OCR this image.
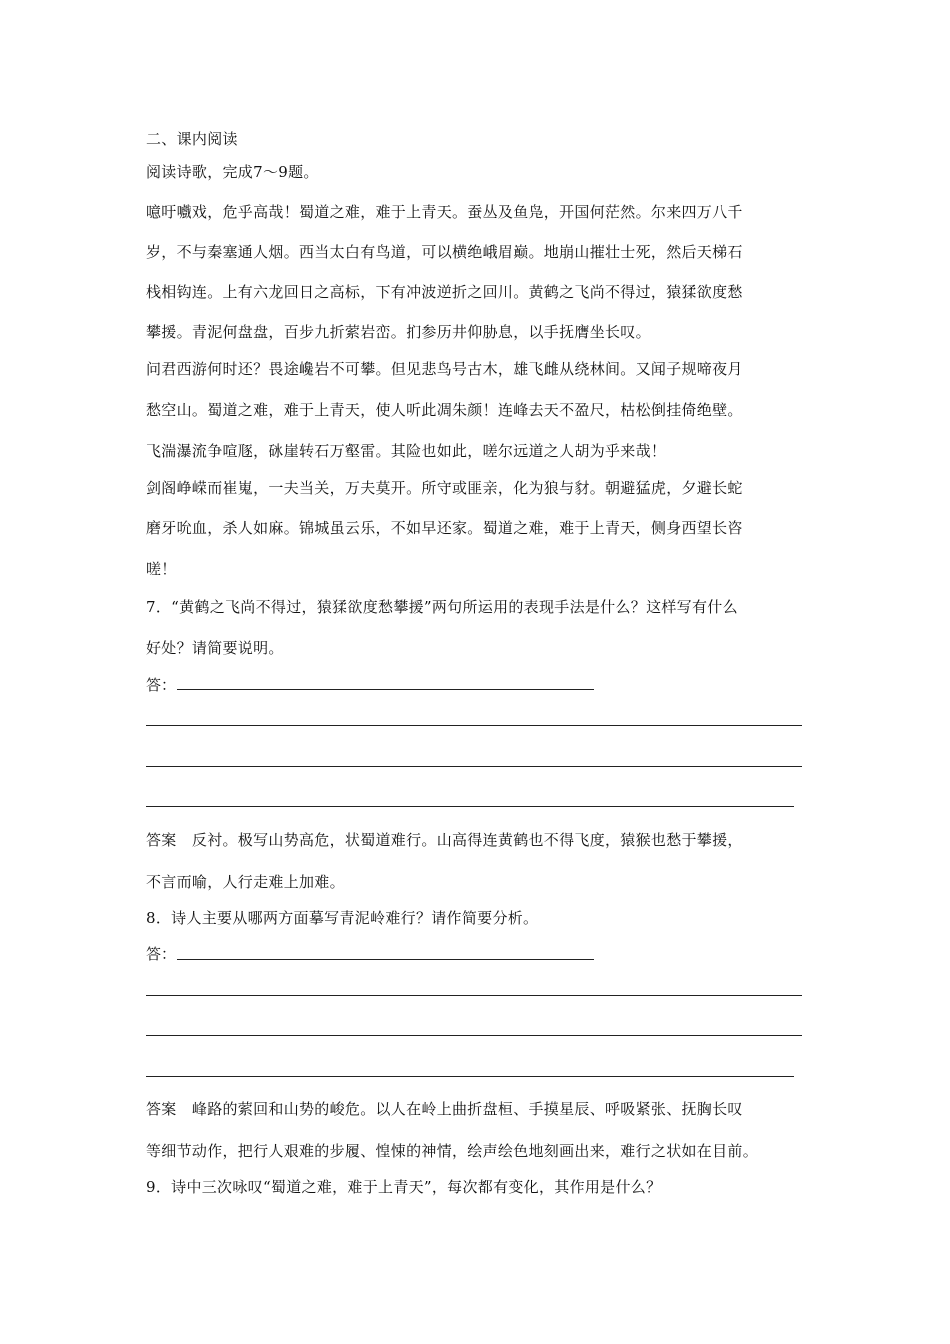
二、课内阅读
阅读诗歌，完成7～9题。
噫吁嚱戏，危乎高哉！蜀道之难，难于上青天。蚕丛及鱼凫，开国何茫然。尔来四万八千
岁，不与秦塞通人烟。西当太白有鸟道，可以横绝峨眉巅。地崩山摧壮士死，然后天梯石
栈相钩连。上有六龙回日之高标，下有冲波逆折之回川。黄鹤之飞尚不得过，猿猱欲度愁
攀援。青泥何盘盘，百步九折萦岩峦。扪参历井仰胁息，以手抚膺坐长叹。
问君西游何时还？畏途巉岩不可攀。但见悲鸟号古木，雄飞雌从绕林间。又闻子规啼夜月
愁空山。蜀道之难，难于上青天，使人听此凋朱颜！连峰去天不盈尺，枯松倒挂倚绝壁。
飞湍瀑流争喧豗，砯崖转石万壑雷。其险也如此，嗟尔远道之人胡为乎来哉！
剑阁峥嵘而崔嵬，一夫当关，万夫莫开。所守或匪亲，化为狼与豺。朝避猛虎，夕避长蛇
磨牙吮血，杀人如麻。锦城虽云乐，不如早还家。蜀道之难，难于上青天，侧身西望长咨
嗟！
7．“黄鹤之飞尚不得过，猿猱欲度愁攀援”两句所运用的表现手法是什么？这样写有什么
好处？请简要说明。
答：
答案　反衬。极写山势高危，状蜀道难行。山高得连黄鹤也不得飞度，猿猴也愁于攀援，
不言而喻，人行走难上加难。
8．诗人主要从哪两方面摹写青泥岭难行？请作简要分析。
答：
答案　峰路的萦回和山势的峻危。以人在岭上曲折盘桓、手摸星辰、呼吸紧张、抚胸长叹
等细节动作，把行人艰难的步履、惶悚的神情，绘声绘色地刻画出来，难行之状如在目前。
9．诗中三次咏叹“蜀道之难，难于上青天”，每次都有变化，其作用是什么？
